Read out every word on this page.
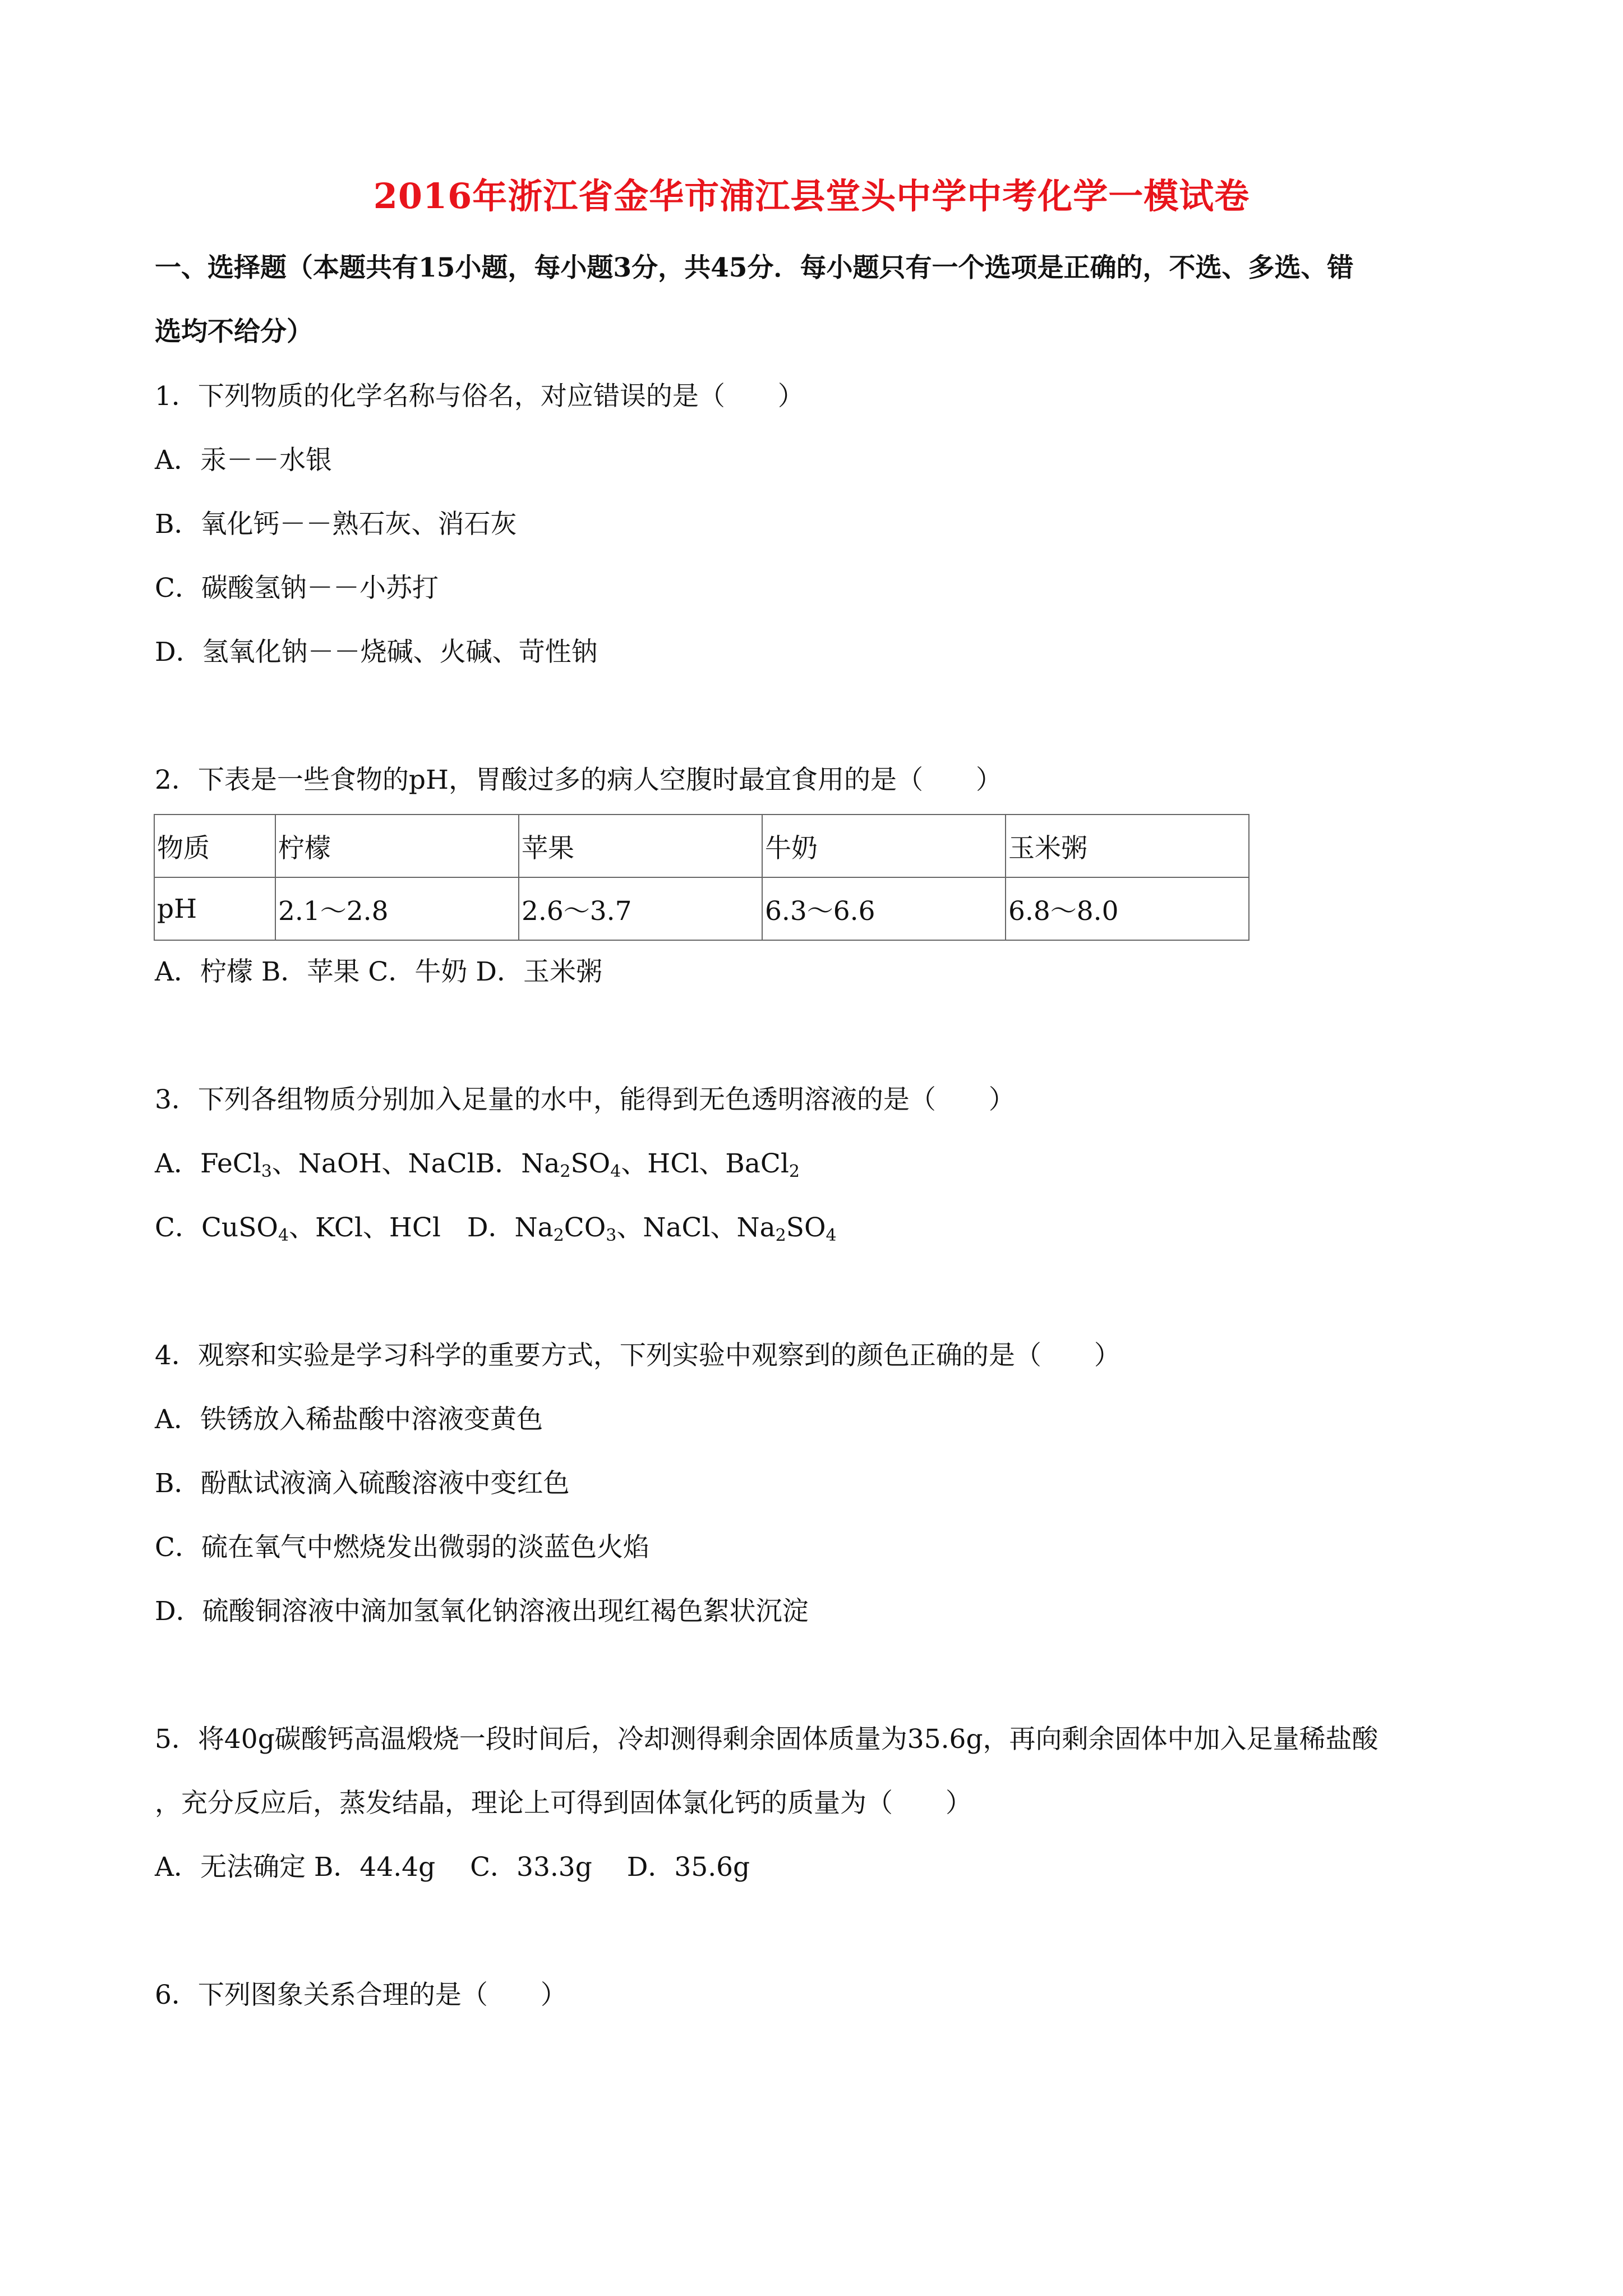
2016年浙江省金华市浦江县堂头中学中考化学一模试卷
一、选择题（本题共有15小题，每小题3分，共45分．每小题只有一个选项是正确的，不选、多选、错
选均不给分）
1．下列物质的化学名称与俗名，对应错误的是（　　）
A．汞－－水银
B．氧化钙－－熟石灰、消石灰
C．碳酸氢钠－－小苏打
D．氢氧化钠－－烧碱、火碱、苛性钠
2．下表是一些食物的pH，胃酸过多的病人空腹时最宜食用的是（　　）
物质	柠檬	苹果	牛奶	玉米粥
pH	2.1～2.8	2.6～3.7	6.3～6.6	6.8～8.0
A．柠檬 B．苹果 C．牛奶 D．玉米粥
3．下列各组物质分别加入足量的水中，能得到无色透明溶液的是（　　）
A．FeCl$_3$、NaOH、NaClB．$Na_2SO_4$、HCl、BaCl$_2$
C．CuSO$_4$、KCl、HCl　D．$Na_2CO_3$、NaCl、$Na_2SO_4$
4．观察和实验是学习科学的重要方式，下列实验中观察到的颜色正确的是（　　）
A．铁锈放入稀盐酸中溶液变黄色
B．酚酞试液滴入硫酸溶液中变红色
C．硫在氧气中燃烧发出微弱的淡蓝色火焰
D．硫酸铜溶液中滴加氢氧化钠溶液出现红褐色絮状沉淀
5．将40g碳酸钙高温煅烧一段时间后，冷却测得剩余固体质量为35.6g，再向剩余固体中加入足量稀盐酸
，充分反应后，蒸发结晶，理论上可得到固体氯化钙的质量为（　　）
A．无法确定 B．44.4g　 C．33.3g　 D．35.6g
6．下列图象关系合理的是（　　）
